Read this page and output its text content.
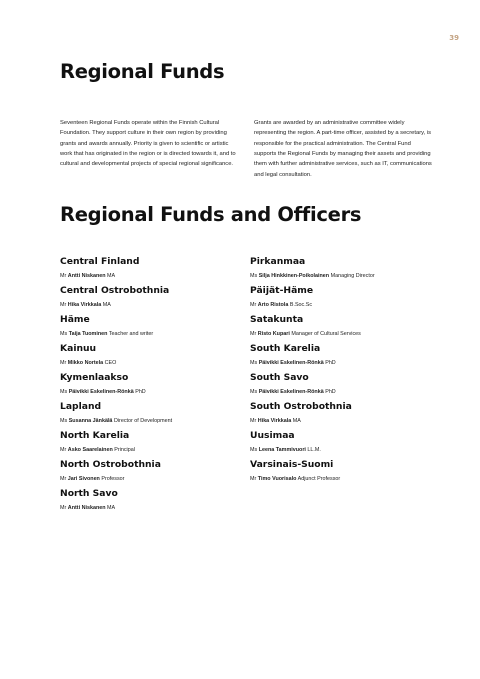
39
Regional Funds

Seventeen Regional Funds operate within the Finnish Cultural Foundation. They support culture in their own region by providing grants and awards annually. Priority is given to scientific or artistic work that has originated in the region or is directed towards it, and to cultural and developmental projects of special regional significance.

Grants are awarded by an administrative committee widely representing the region. A part-time officer, assisted by a secretary, is responsible for the practical administration. The Central Fund supports the Regional Funds by managing their assets and providing them with further administrative services, such as IT, communications and legal consultation.

Regional Funds and Officers
Central Finland
Mr Antti Niskanen MA
Central Ostrobothnia
Mr Hika Virkkala MA
Häme
Ms Taija Tuominen Teacher and writer
Kainuu
Mr Mikko Nortela CEO
Kymenlaakso
Ms Päivikki Eskelinen-Rönkä PhD
Lapland
Ms Susanna Jänkälä Director of Development
North Karelia
Mr Asko Saarelainen Principal
North Ostrobothnia
Mr Jari Sivonen Professor
North Savo
Mr Antti Niskanen MA
Pirkanmaa
Ms Silja Hinkkinen-Poikolainen Managing Director
Päijät-Häme
Mr Arto Ristola B.Soc.Sc
Satakunta
Mr Risto Kupari Manager of Cultural Services
South Karelia
Ms Päivikki Eskelinen-Rönkä PhD
South Savo
Ms Päivikki Eskelinen-Rönkä PhD
South Ostrobothnia
Mr Hika Virkkala MA
Uusimaa
Ms Leena Tammivuori LL.M.
Varsinais-Suomi
Mr Timo Vuorisalo Adjunct Professor
